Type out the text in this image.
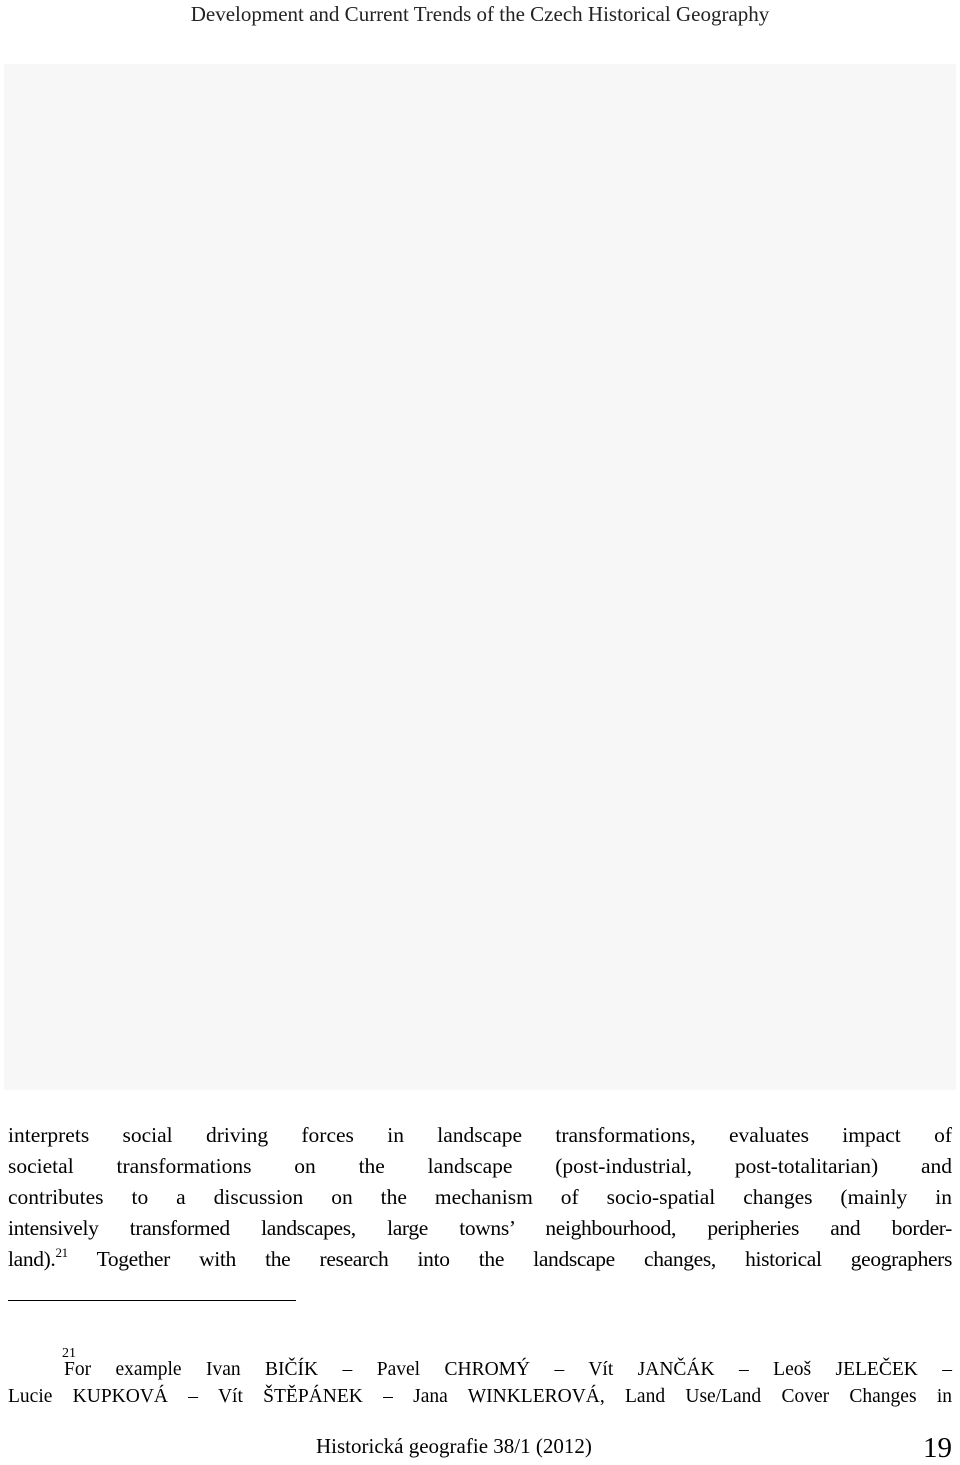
Development and Current Trends of the Czech Historical Geography
interprets social driving forces in landscape transformations, evaluates impact of
societal transformations on the landscape (post-industrial, post-totalitarian) and
contributes to a discussion on the mechanism of socio-spatial changes (mainly in
intensively transformed landscapes, large towns’ neighbourhood, peripheries and border-
land).$^{21}$ Together with the research into the landscape changes, historical geographers
21
For example Ivan BIČÍK – Pavel CHROMÝ – Vít JANČÁK – Leoš JELEČEK –
Lucie KUPKOVÁ – Vít ŠTĚPÁNEK – Jana WINKLEROVÁ, Land Use/Land Cover Changes in
Historická geografie 38/1 (2012)	19
